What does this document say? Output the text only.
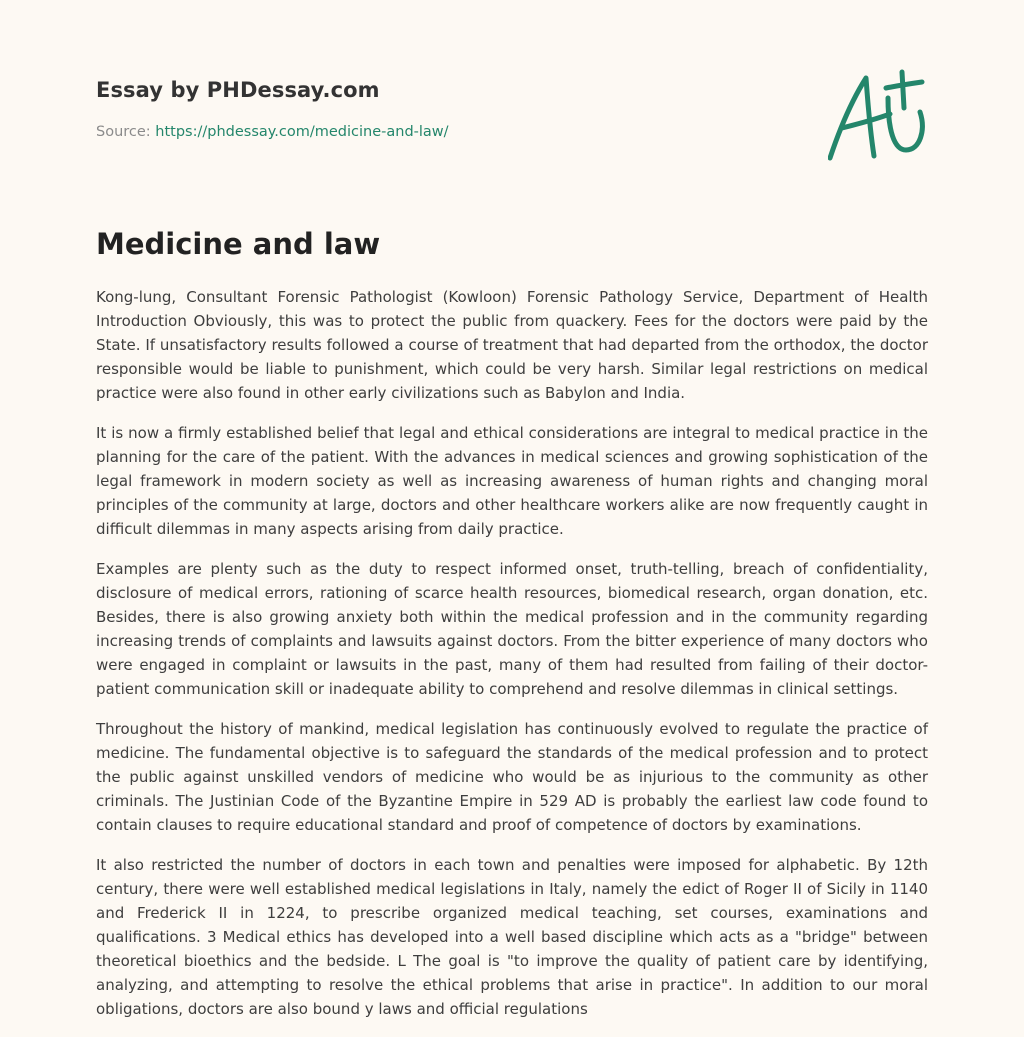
Essay by PHDessay.com
Source: https://phdessay.com/medicine-and-law/
Medicine and law

Kong-lung, Consultant Forensic Pathologist (Kowloon) Forensic Pathology Service, Department of Health Introduction Obviously, this was to protect the public from quackery. Fees for the doctors were paid by the State. If unsatisfactory results followed a course of treatment that had departed from the orthodox, the doctor responsible would be liable to punishment, which could be very harsh. Similar legal restrictions on medical practice were also found in other early civilizations such as Babylon and India.

It is now a firmly established belief that legal and ethical considerations are integral to medical practice in the planning for the care of the patient. With the advances in medical sciences and growing sophistication of the legal framework in modern society as well as increasing awareness of human rights and changing moral principles of the community at large, doctors and other healthcare workers alike are now frequently caught in difficult dilemmas in many aspects arising from daily practice.

Examples are plenty such as the duty to respect informed onset, truth-telling, breach of confidentiality, disclosure of medical errors, rationing of scarce health resources, biomedical research, organ donation, etc. Besides, there is also growing anxiety both within the medical profession and in the community regarding increasing trends of complaints and lawsuits against doctors. From the bitter experience of many doctors who were engaged in complaint or lawsuits in the past, many of them had resulted from failing of their doctor-patient communication skill or inadequate ability to comprehend and resolve dilemmas in clinical settings.

Throughout the history of mankind, medical legislation has continuously evolved to regulate the practice of medicine. The fundamental objective is to safeguard the standards of the medical profession and to protect the public against unskilled vendors of medicine who would be as injurious to the community as other criminals. The Justinian Code of the Byzantine Empire in 529 AD is probably the earliest law code found to contain clauses to require educational standard and proof of competence of doctors by examinations.

It also restricted the number of doctors in each town and penalties were imposed for alphabetic. By 12th century, there were well established medical legislations in Italy, namely the edict of Roger II of Sicily in 1140 and Frederick II in 1224, to prescribe organized medical teaching, set courses, examinations and qualifications. 3 Medical ethics has developed into a well based discipline which acts as a "bridge" between theoretical bioethics and the bedside. L The goal is "to improve the quality of patient care by identifying, analyzing, and attempting to resolve the ethical problems that arise in practice". In addition to our moral obligations, doctors are also bound y laws and official regulations
